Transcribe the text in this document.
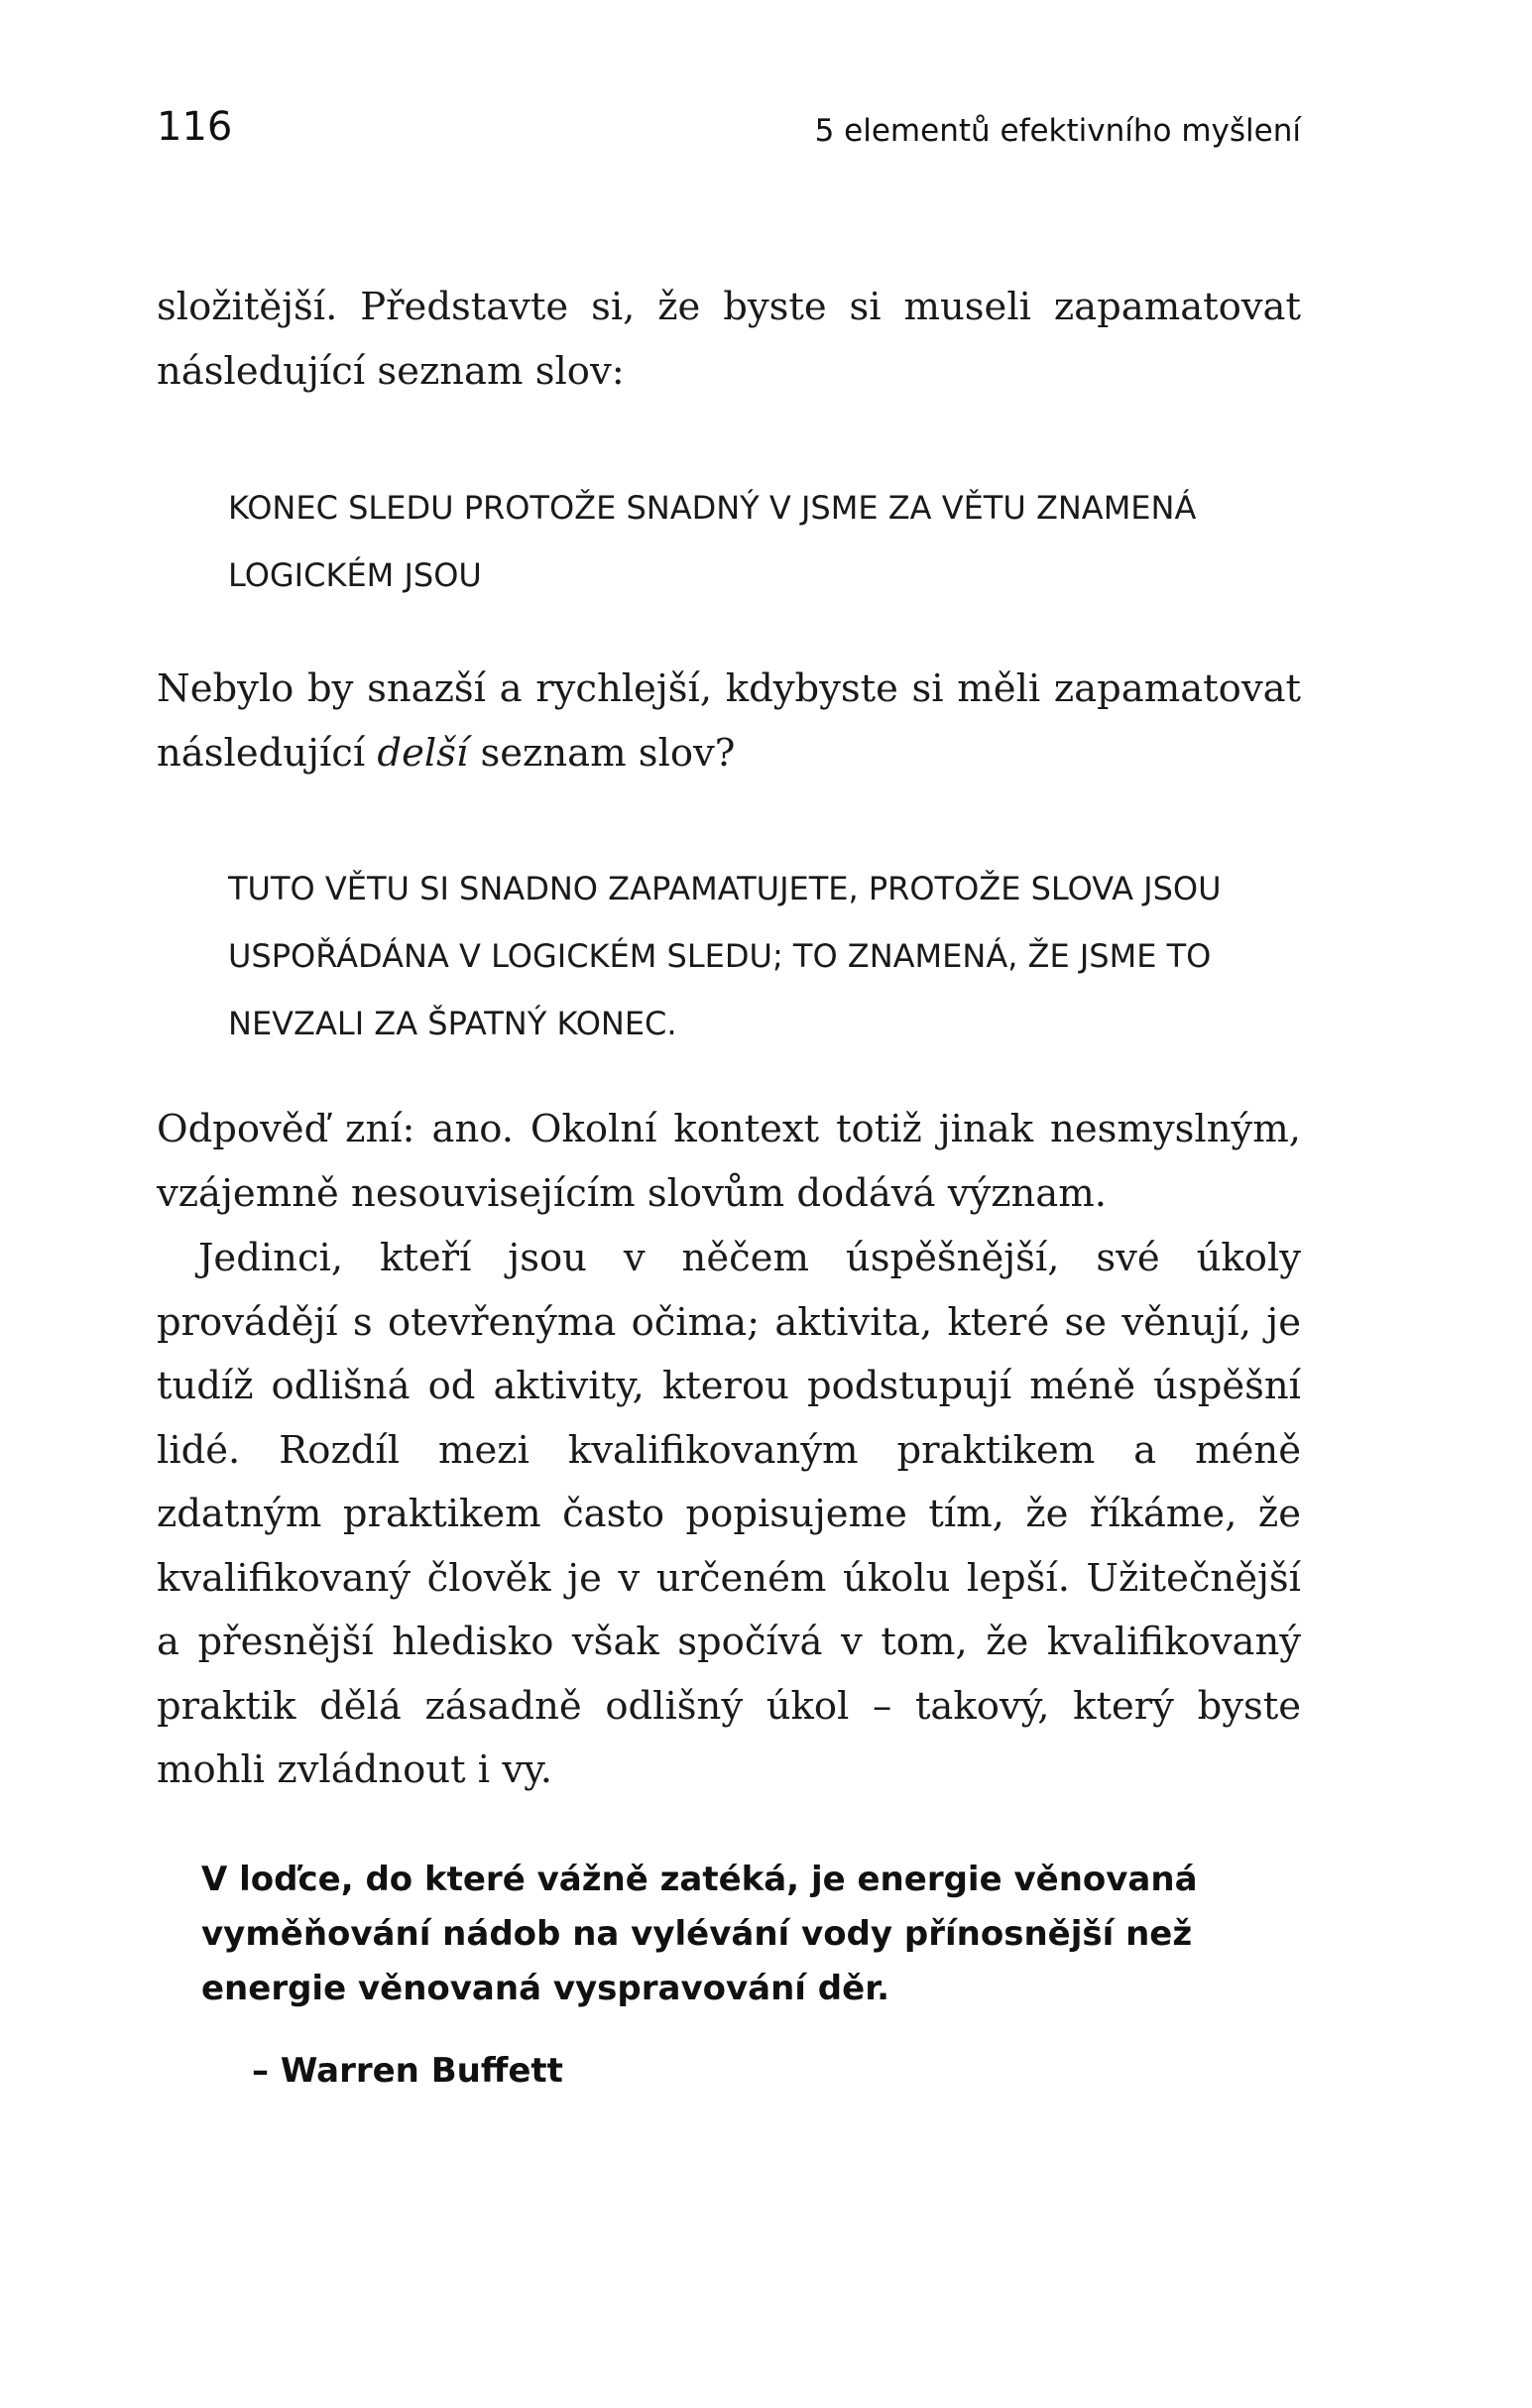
116	5 elementů efektivního myšlení

složitější. Představte si, že byste si museli zapamatovat následující seznam slov:

KONEC SLEDU PROTOŽE SNADNÝ V JSME ZA VĚTU ZNAMENÁ LOGICKÉM JSOU

Nebylo by snazší a rychlejší, kdybyste si měli zapamatovat následující delší seznam slov?

TUTO VĚTU SI SNADNO ZAPAMATUJETE, PROTOŽE SLOVA JSOU USPOŘÁDÁNA V LOGICKÉM SLEDU; TO ZNAMENÁ, ŽE JSME TO NEVZALI ZA ŠPATNÝ KONEC.

Odpověď zní: ano. Okolní kontext totiž jinak nesmyslným, vzájemně nesouvisejícím slovům dodává význam.

Jedinci, kteří jsou v něčem úspěšnější, své úkoly provádějí s otevřenýma očima; aktivita, které se věnují, je tudíž odlišná od aktivity, kterou podstupují méně úspěšní lidé. Rozdíl mezi kvalifikovaným praktikem a méně zdatným praktikem často popisujeme tím, že říkáme, že kvalifikovaný člověk je v určeném úkolu lepší. Užitečnější a přesnější hledisko však spočívá v tom, že kvalifikovaný praktik dělá zásadně odlišný úkol – takový, který byste mohli zvládnout i vy.

V loďce, do které vážně zatéká, je energie věnovaná vyměňování nádob na vylévání vody přínosnější než energie věnovaná vyspravování děr.

– Warren Buffett
